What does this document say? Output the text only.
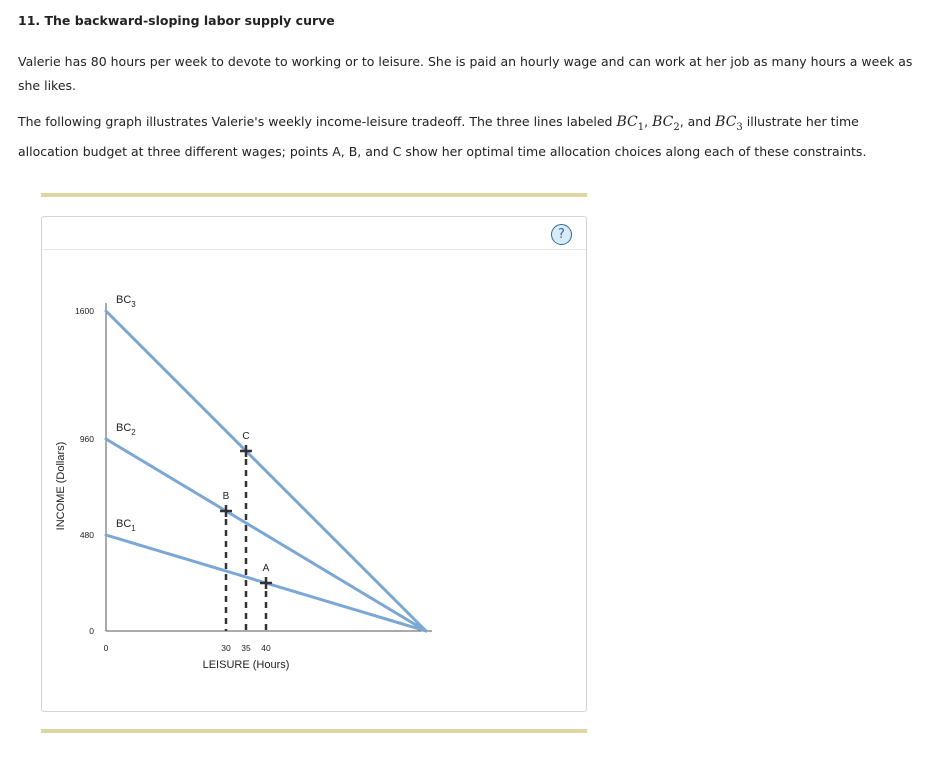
11. The backward-sloping labor supply curve

Valerie has 80 hours per week to devote to working or to leisure. She is paid an hourly wage and can work at her job as many hours a week as she likes.

The following graph illustrates Valerie's weekly income-leisure tradeoff. The three lines labeled $BC_1$, $BC_2$, and $BC_3$ illustrate her time allocation budget at three different wages; points A, B, and C show her optimal time allocation choices along each of these constraints.

?
0
480
960
1600
0	30 35 40
LEISURE (Hours)
INCOME (Dollars)	$BC_1$
$BC_2$
$BC_3$
A
B
C
